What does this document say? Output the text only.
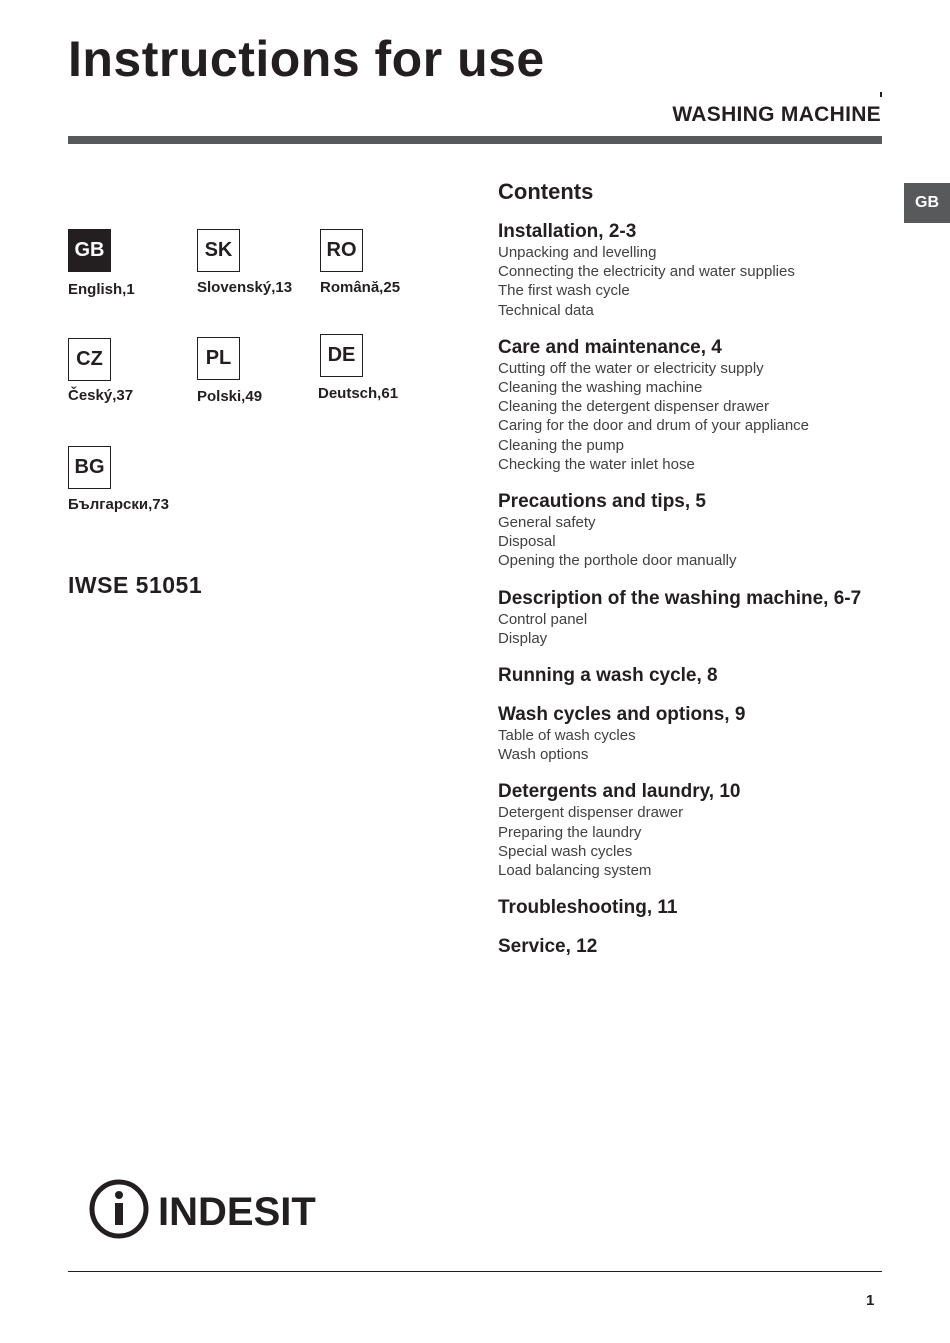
Instructions for use
WASHING MACHINE
GB
GB
English,1
SK
Slovenský,13
RO
Română,25
CZ
Český,37
PL
Polski,49
DE
Deutsch,61
BG
Български,73
IWSE 51051
Contents
Installation, 2-3
Unpacking and levelling
Connecting the electricity and water supplies
The first wash cycle
Technical data
Care and maintenance, 4
Cutting off the water or electricity supply
Cleaning the washing machine
Cleaning the detergent dispenser drawer
Caring for the door and drum of your appliance
Cleaning the pump
Checking the water inlet hose
Precautions and tips, 5
General safety
Disposal
Opening the porthole door manually
Description of the washing machine, 6-7
Control panel
Display
Running a wash cycle, 8
Wash cycles and options, 9
Table of wash cycles
Wash options
Detergents and laundry, 10
Detergent dispenser drawer
Preparing the laundry
Special wash cycles
Load balancing system
Troubleshooting, 11
Service, 12
INDESIT
1
